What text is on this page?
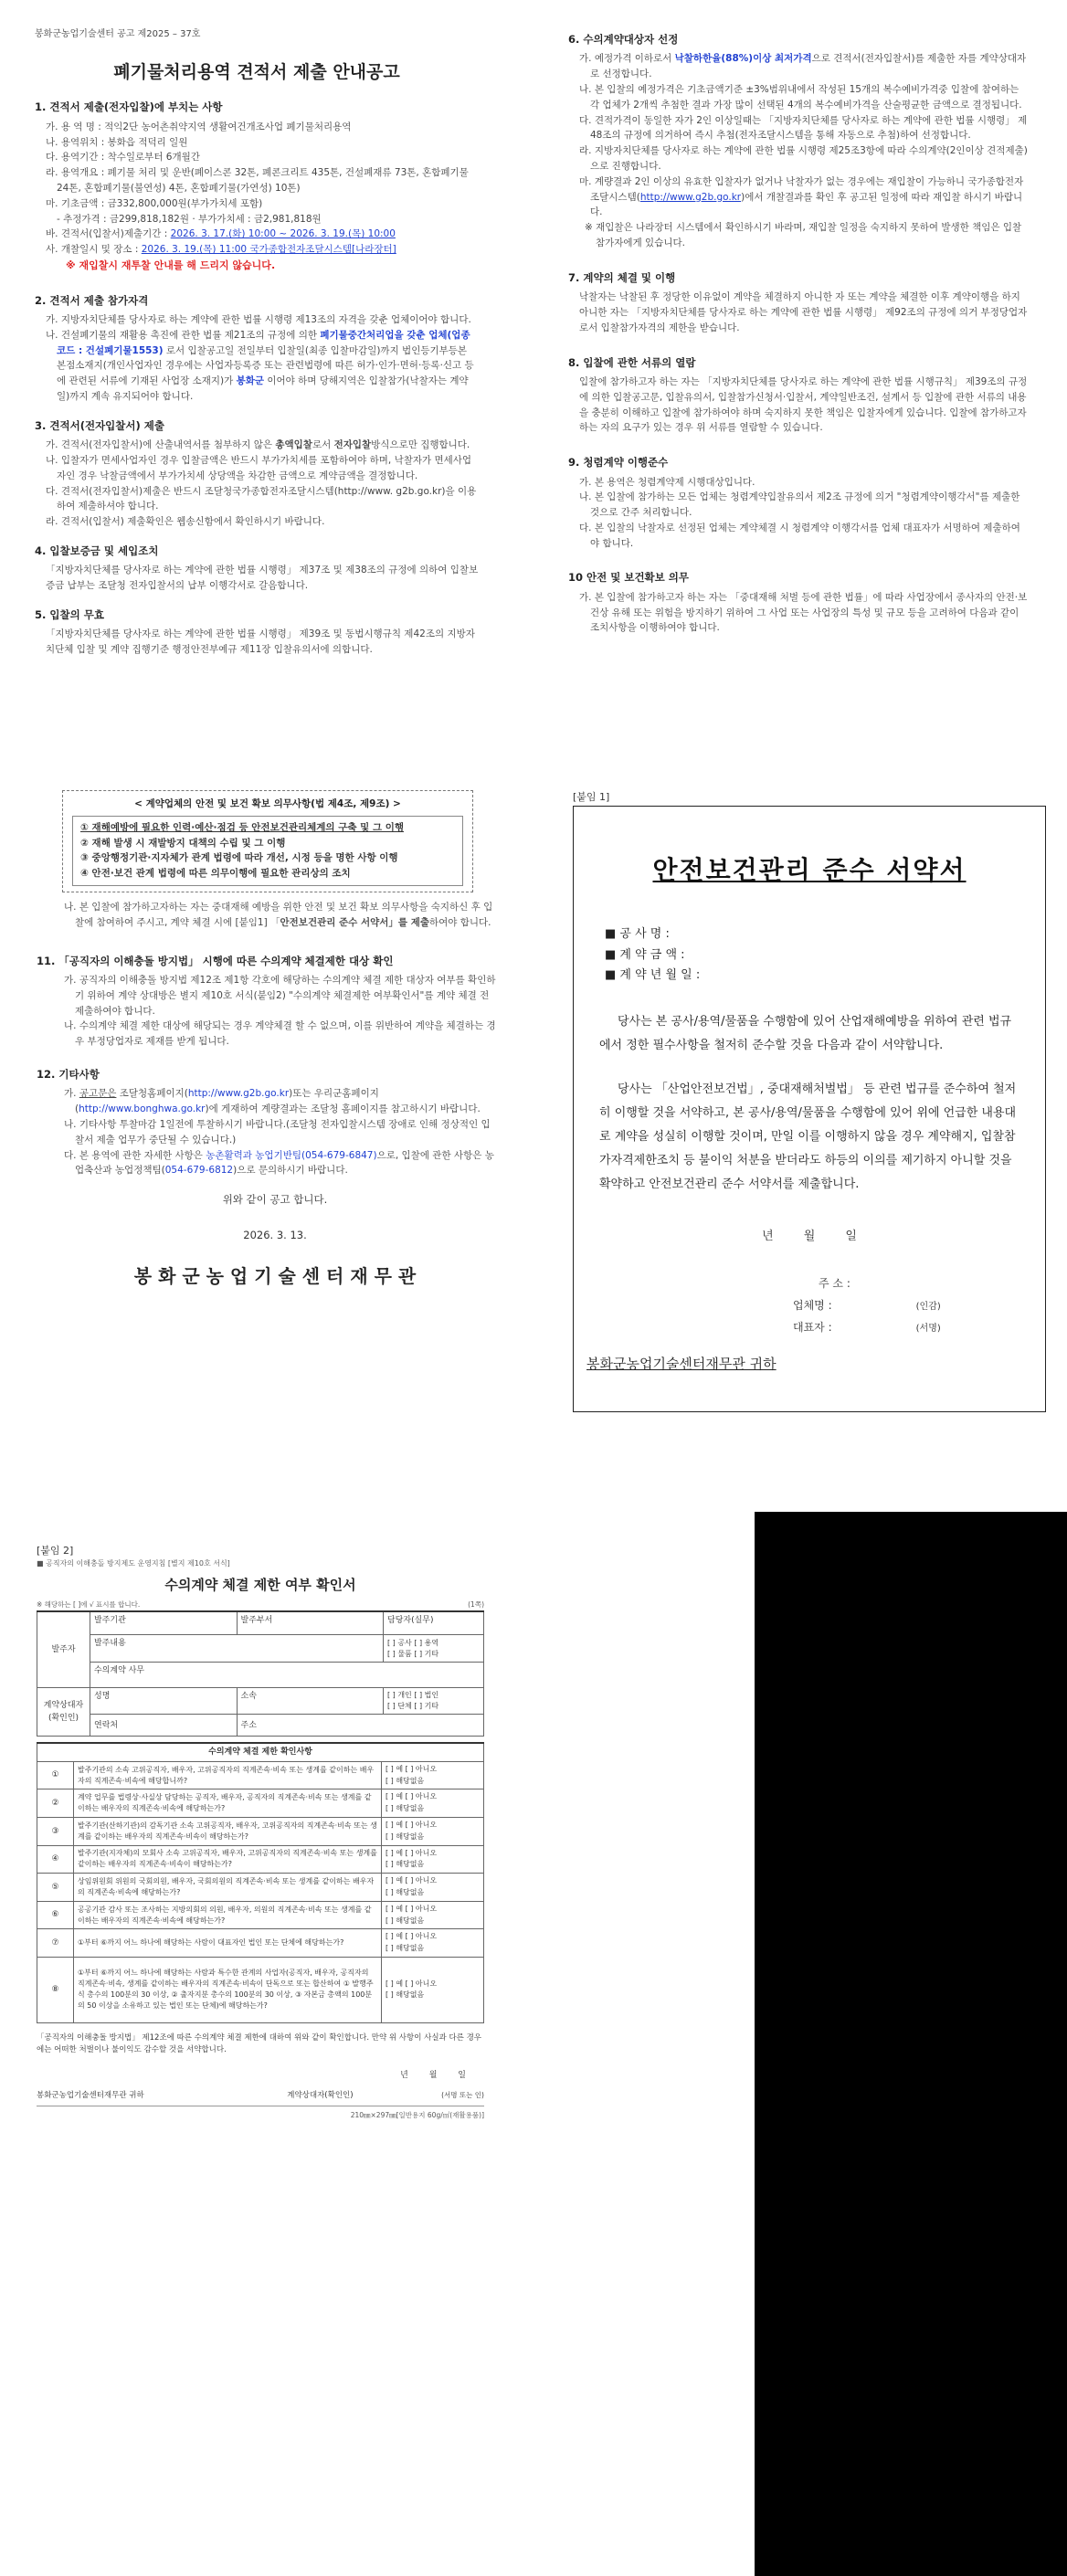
봉화군농업기술센터 공고 제2025 – 37호
폐기물처리용역 견적서 제출 안내공고
1. 견적서 제출(전자입찰)에 부치는 사항
가. 용 역 명 : 적익2단 농어촌취약지역 생활여건개조사업 폐기물처리용역
나. 용역위치 : 봉화읍 적덕리 일원
다. 용역기간 : 착수일로부터 6개월간
라. 용역개요 : 폐기물 처리 및 운반(폐이스콘 32톤, 폐콘크리트 435톤, 건설폐재류 73톤, 혼합폐기물 24톤, 혼합폐기물(불연성) 4톤, 혼합폐기물(가연성) 10톤)
마. 기초금액 : 금332,800,000원(부가가치세 포함)
- 추정가격 : 금299,818,182원 · 부가가치세 : 금2,981,818원
바. 견적서(입찰서)제출기간 : 2026. 3. 17.(화) 10:00 ~ 2026. 3. 19.(목) 10:00
사. 개찰일시 및 장소 : 2026. 3. 19.(목) 11:00 국가종합전자조달시스템[나라장터]
※ 재입찰시 재투찰 안내를 해 드리지 않습니다.
2. 견적서 제출 참가자격
가. 지방자치단체를 당사자로 하는 계약에 관한 법률 시행령 제13조의 자격을 갖춘 업체이어야 합니다.
나. 건설폐기물의 재활용 촉진에 관한 법률 제21조의 규정에 의한 폐기물중간처리업을 갖춘 업체(업종코드 : 건설폐기물1553) 로서 입찰공고일 전일부터 입찰일(최종 입찰마감일)까지 법인등기부등본 본점소재지(개인사업자인 경우에는 사업자등록증 또는 관련법령에 따른 허가·인가·면허·등록·신고 등에 관련된 서류에 기재된 사업장 소재지)가 봉화군 이어야 하며 당해지역은 입찰참가(낙찰자는 계약일)까지 계속 유지되어야 합니다.
3. 견적서(전자입찰서) 제출
가. 견적서(전자입찰서)에 산출내역서를 첨부하지 않은 총액입찰로서 전자입찰방식으로만 집행합니다.
나. 입찰자가 면세사업자인 경우 입찰금액은 반드시 부가가치세를 포함하여야 하며, 낙찰자가 면세사업자인 경우 낙찰금액에서 부가가치세 상당액을 차감한 금액으로 계약금액을 결정합니다.
다. 견적서(전자입찰서)제출은 반드시 조달청국가종합전자조달시스템(http://www. g2b.go.kr)을 이용하여 제출하셔야 합니다.
라. 견적서(입찰서) 제출확인은 웹송신함에서 확인하시기 바랍니다.
4. 입찰보증금 및 세입조치
「지방자치단체를 당사자로 하는 계약에 관한 법률 시행령」 제37조 및 제38조의 규정에 의하여 입찰보증금 납부는 조달청 전자입찰서의 납부 이행각서로 갈음합니다.
5. 입찰의 무효
「지방자치단체를 당사자로 하는 계약에 관한 법률 시행령」 제39조 및 동법시행규칙 제42조의 지방자치단체 입찰 및 계약 집행기준 행정안전부예규 제11장 입찰유의서에 의합니다.
6. 수의계약대상자 선정
가. 예정가격 이하로서 낙찰하한율(88%)이상 최저가격으로 견적서(전자입찰서)를 제출한 자를 계약상대자로 선정합니다.
나. 본 입찰의 예정가격은 기초금액기준 ±3%범위내에서 작성된 15개의 복수예비가격중 입찰에 참여하는 각 업체가 2개씩 추첨한 결과 가장 많이 선택된 4개의 복수예비가격을 산술평균한 금액으로 결정됩니다.
다. 견적가격이 동일한 자가 2인 이상일때는 「지방자치단체를 당사자로 하는 계약에 관한 법률 시행령」 제48조의 규정에 의거하여 즉시 추첨(전자조달시스템을 통해 자동으로 추첨)하여 선정합니다.
라. 지방자치단체를 당사자로 하는 계약에 관한 법률 시행령 제25조3항에 따라 수의계약(2인이상 견적제출)으로 진행합니다.
마. 계량결과 2인 이상의 유효한 입찰자가 없거나 낙찰자가 없는 경우에는 재입찰이 가능하니 국가종합전자조달시스템(http://www.g2b.go.kr)에서 개찰결과를 확인 후 공고된 일정에 따라 재입찰 하시기 바랍니다.
※ 재입찰은 나라장터 시스템에서 확인하시기 바라며, 재입찰 일정을 숙지하지 못하여 발생한 책임은 입찰 참가자에게 있습니다.
7. 계약의 체결 및 이행
낙찰자는 낙찰된 후 정당한 이유없이 계약을 체결하지 아니한 자 또는 계약을 체결한 이후 계약이행을 하지 아니한 자는 「지방자치단체를 당사자로 하는 계약에 관한 법률 시행령」 제92조의 규정에 의거 부정당업자로서 입찰참가자격의 제한을 받습니다.
8. 입찰에 관한 서류의 열람
입찰에 참가하고자 하는 자는 「지방자치단체를 당사자로 하는 계약에 관한 법률 시행규칙」 제39조의 규정에 의한 입찰공고문, 입찰유의서, 입찰참가신청서·입찰서, 계약일반조건, 설계서 등 입찰에 관한 서류의 내용을 충분히 이해하고 입찰에 참가하여야 하며 숙지하지 못한 책임은 입찰자에게 있습니다. 입찰에 참가하고자 하는 자의 요구가 있는 경우 위 서류를 열람할 수 있습니다.
9. 청렴계약 이행준수
가. 본 용역은 청렴계약제 시행대상입니다.
나. 본 입찰에 참가하는 모든 업체는 청렴계약입찰유의서 제2조 규정에 의거 "청렴계약이행각서"를 제출한 것으로 간주 처리합니다.
다. 본 입찰의 낙찰자로 선정된 업체는 계약체결 시 청렴계약 이행각서를 업체 대표자가 서명하여 제출하여야 합니다.
10 안전 및 보건확보 의무
가. 본 입찰에 참가하고자 하는 자는 「중대재해 처벌 등에 관한 법률」에 따라 사업장에서 종사자의 안전·보건상 유해 또는 위험을 방지하기 위하여 그 사업 또는 사업장의 특성 및 규모 등을 고려하여 다음과 같이 조치사항을 이행하여야 합니다.
< 계약업체의 안전 및 보건 확보 의무사항(법 제4조, 제9조) >
① 재해예방에 필요한 인력·예산·점검 등 안전보건관리체계의 구축 및 그 이행
② 재해 발생 시 재발방지 대책의 수립 및 그 이행
③ 중앙행정기관·지자체가 관계 법령에 따라 개선, 시정 등을 명한 사항 이행
④ 안전·보건 관계 법령에 따른 의무이행에 필요한 관리상의 조치
나. 본 입찰에 참가하고자하는 자는 중대재해 예방을 위한 안전 및 보건 확보 의무사항을 숙지하신 후 입찰에 참여하여 주시고, 계약 체결 시에 [붙임1] 「안전보건관리 준수 서약서」를 제출하여야 합니다.
11. 「공직자의 이해충돌 방지법」 시행에 따른 수의계약 체결제한 대상 확인
가. 공직자의 이해충돌 방지법 제12조 제1항 각호에 해당하는 수의계약 체결 제한 대상자 여부를 확인하기 위하여 계약 상대방은 별지 제10호 서식(붙임2) "수의계약 체결제한 여부확인서"를 계약 체결 전 제출하여야 합니다.
나. 수의계약 체결 제한 대상에 해당되는 경우 계약체결 할 수 없으며, 이를 위반하여 계약을 체결하는 경우 부정당업자로 제재를 받게 됩니다.
12. 기타사항
가. 공고문은 조달청홈페이지(http://www.g2b.go.kr)또는 우리군홈페이지(http://www.bonghwa.go.kr)에 게재하여 계량결과는 조달청 홈페이지를 참고하시기 바랍니다.
나. 기타사항 투찰마감 1일전에 투찰하시기 바랍니다.(조달청 전자입찰시스템 장애로 인해 정상적인 입찰서 제출 업무가 중단될 수 있습니다.)
다. 본 용역에 관한 자세한 사항은 농촌활력과 농업기반팀(054-679-6847)으로, 입찰에 관한 사항은 농업축산과 농업정책팀(054-679-6812)으로 문의하시기 바랍니다.
위와 같이 공고 합니다.
2026. 3. 13.
봉 화 군 농 업 기 술 센 터 재 무 관
[붙임 1]
안전보건관리 준수 서약서
■ 공 사 명 :
■ 계 약 금 액 :
■ 계 약 년 월 일 :
당사는 본 공사/용역/물품을 수행함에 있어 산업재해예방을 위하여 관련 법규에서 정한 필수사항을 철저히 준수할 것을 다음과 같이 서약합니다.
당사는 「산업안전보건법」, 중대재해처벌법」 등 관련 법규를 준수하여 철저히 이행할 것을 서약하고, 본 공사/용역/물품을 수행함에 있어 위에 언급한 내용대로 계약을 성실히 이행할 것이며, 만일 이를 이행하지 않을 경우 계약해지, 입찰참가자격제한조치 등 불이익 처분을 받더라도 하등의 이의를 제기하지 아니할 것을 확약하고 안전보건관리 준수 서약서를 제출합니다.
년        월        일
주 소 :
업체명 :	(인감)
대표자 :	(서명)
봉화군농업기술센터재무관 귀하
[붙임 2]
■ 공직자의 이해충돌 방지제도 운영지침 [별지 제10호 서식]
수의계약 체결 제한 여부 확인서
※ 해당하는 [ ]에 √ 표시를 합니다.	(1쪽)
발주자	발주기관	발주부서	담당자(실무)
	발주내용		[ ] 공사 [ ] 용역
[ ] 물품 [ ] 기타
	수의계약 사무		
계약상대자 (확인인)	성명	소속	[ ] 개인 [ ] 법인
[ ] 단체 [ ] 기타
	연락처	주소	
수의계약 체결 제한 확인사항		
①	발주기관의 소속 고위공직자, 배우자, 고위공직자의 직계존속·비속 또는 생계를 같이하는 배우자의 직계존속·비속에 해당합니까?	[ ] 예 [ ] 아니오
[ ] 해당없음

②	계약 업무를 법령상·사실상 담당하는 공직자, 배우자, 공직자의 직계존속·비속 또는 생계를 같이하는 배우자의 직계존속·비속에 해당하는가?	[ ] 예 [ ] 아니오
[ ] 해당없음

③	발주기관(산하기관)의 감독기관 소속 고위공직자, 배우자, 고위공직자의 직계존속·비속 또는 생계를 같이하는 배우자의 직계존속·비속이 해당하는가?	[ ] 예 [ ] 아니오
[ ] 해당없음

④	발주기관(지자체)의 모회사 소속 고위공직자, 배우자, 고위공직자의 직계존속·비속 또는 생계를 같이하는 배우자의 직계존속·비속이 해당하는가?	[ ] 예 [ ] 아니오
[ ] 해당없음

⑤	상임위원회 위원의 국회의원, 배우자, 국회의원의 직계존속·비속 또는 생계를 같이하는 배우자의 직계존속·비속에 해당하는가?	[ ] 예 [ ] 아니오
[ ] 해당없음

⑥	공공기관 감사 또는 조사하는 지방의회의 의원, 배우자, 의원의 직계존속·비속 또는 생계를 같이하는 배우자의 직계존속·비속에 해당하는가?	[ ] 예 [ ] 아니오
[ ] 해당없음

⑦	①부터 ⑥까지 어느 하나에 해당하는 사람이 대표자인 법인 또는 단체에 해당하는가?	[ ] 예 [ ] 아니오
[ ] 해당없음

⑧	①부터 ⑥까지 어느 하나에 해당하는 사람과 특수한 관계의 사업자(공직자, 배우자, 공직자의 직계존속·비속, 생계를 같이하는 배우자의 직계존속·비속이 단독으로 또는 합산하여 ① 발행주식 총수의 100분의 30 이상, ② 출자지분 총수의 100분의 30 이상, ③ 자본금 총액의 100분의 50 이상을 소유하고 있는 법인 또는 단체)에 해당하는가?	[ ] 예 [ ] 아니오
[ ] 해당없음
「공직자의 이해충돌 방지법」 제12조에 따른 수의계약 체결 제한에 대하여 위와 같이 확인합니다. 만약 위 사항이 사실과 다른 경우에는 어떠한 처벌이나 불이익도 감수할 것을 서약합니다.
년        월        일
봉화군농업기술센터재무관 귀하	계약상대자(확인인)	(서명 또는 인)
210㎜×297㎜[일반용지 60g/㎡(재활용품)]
